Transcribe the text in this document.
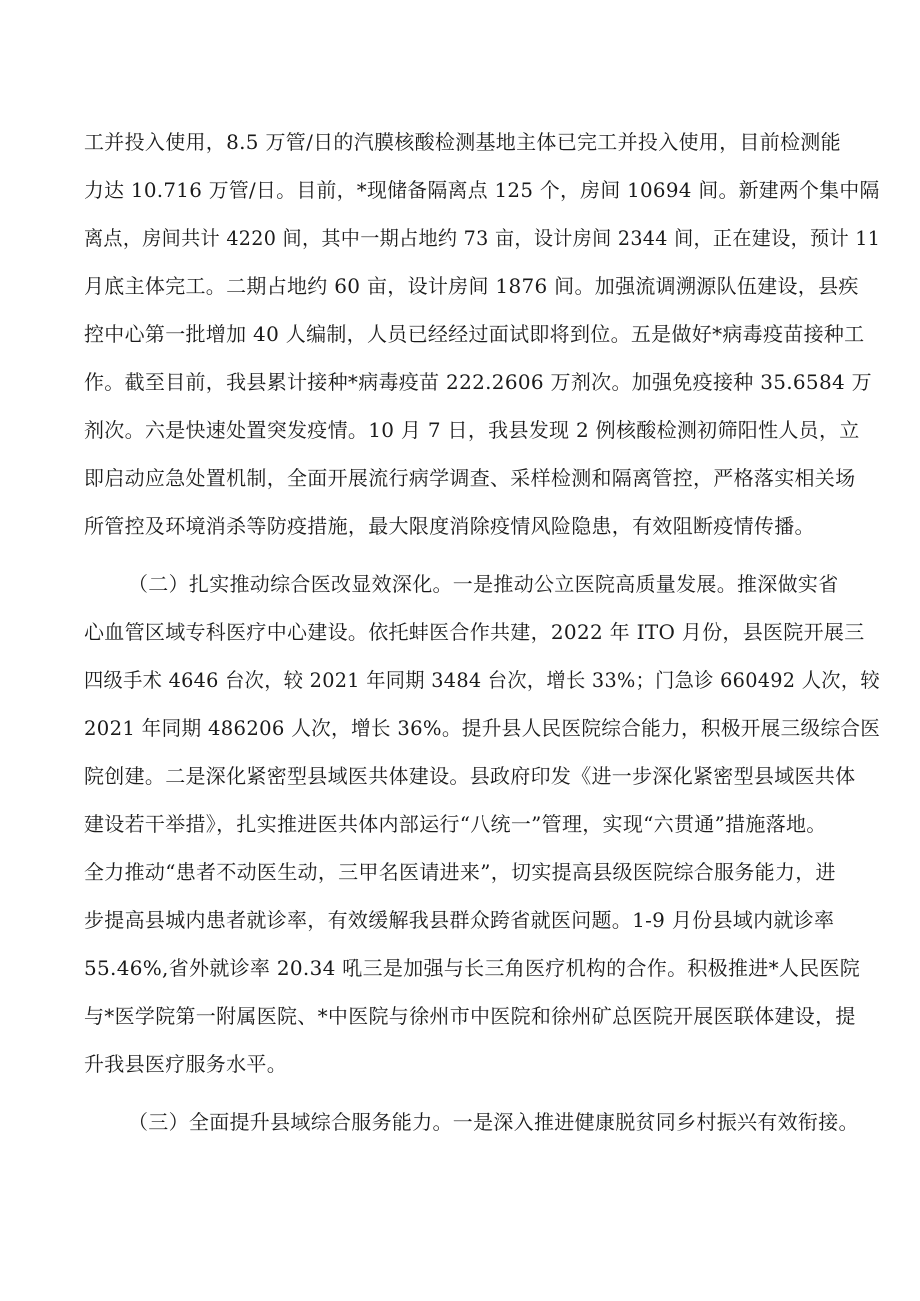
工并投入使用，8.5 万管/日的汽膜核酸检测基地主体已完工并投入使用，目前检测能
力达 10.716 万管/日。目前，*现储备隔离点 125 个，房间 10694 间。新建两个集中隔
离点，房间共计 4220 间，其中一期占地约 73 亩，设计房间 2344 间，正在建设，预计 11
月底主体完工。二期占地约 60 亩，设计房间 1876 间。加强流调溯源队伍建设，县疾
控中心第一批增加 40 人编制，人员已经经过面试即将到位。五是做好*病毒疫苗接种工
作。截至目前，我县累计接种*病毒疫苗 222.2606 万剂次。加强免疫接种 35.6584 万
剂次。六是快速处置突发疫情。10 月 7 日，我县发现 2 例核酸检测初筛阳性人员，立
即启动应急处置机制，全面开展流行病学调查、采样检测和隔离管控，严格落实相关场
所管控及环境消杀等防疫措施，最大限度消除疫情风险隐患，有效阻断疫情传播。
（二）扎实推动综合医改显效深化。一是推动公立医院高质量发展。推深做实省
心血管区域专科医疗中心建设。依托蚌医合作共建，2022 年 ITO 月份，县医院开展三
四级手术 4646 台次，较 2021 年同期 3484 台次，增长 33%；门急诊 660492 人次，较
2021 年同期 486206 人次，增长 36%。提升县人民医院综合能力，积极开展三级综合医
院创建。二是深化紧密型县域医共体建设。县政府印发《进一步深化紧密型县域医共体
建设若干举措》，扎实推进医共体内部运行“八统一”管理，实现“六贯通”措施落地。
全力推动“患者不动医生动，三甲名医请进来”，切实提高县级医院综合服务能力，进
步提高县城内患者就诊率，有效缓解我县群众跨省就医问题。1-9 月份县域内就诊率
55.46%,省外就诊率 20.34 吼三是加强与长三角医疗机构的合作。积极推进*人民医院
与*医学院第一附属医院、*中医院与徐州市中医院和徐州矿总医院开展医联体建设，提
升我县医疗服务水平。
（三）全面提升县域综合服务能力。一是深入推进健康脱贫同乡村振兴有效衔接。
